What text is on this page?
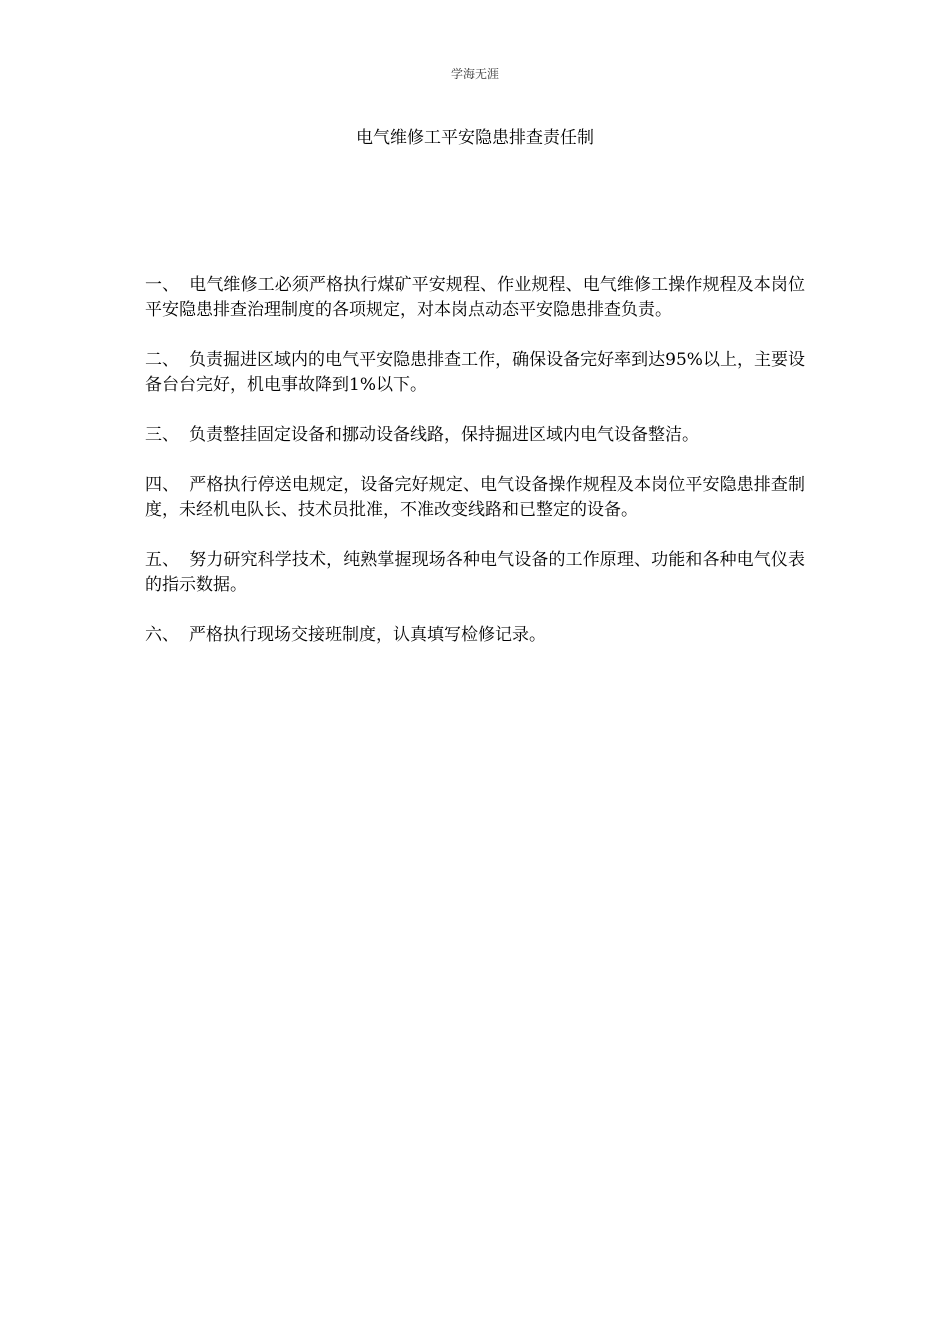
学海无涯
电气维修工平安隐患排查责任制

一、 电气维修工必须严格执行煤矿平安规程、作业规程、电气维修工操作规程及本岗位平安隐患排查治理制度的各项规定，对本岗点动态平安隐患排查负责。

二、 负责掘进区域内的电气平安隐患排查工作，确保设备完好率到达95%以上，主要设备台台完好，机电事故降到1%以下。

三、 负责整挂固定设备和挪动设备线路，保持掘进区域内电气设备整洁。

四、 严格执行停送电规定，设备完好规定、电气设备操作规程及本岗位平安隐患排查制度，未经机电队长、技术员批准，不准改变线路和已整定的设备。

五、 努力研究科学技术，纯熟掌握现场各种电气设备的工作原理、功能和各种电气仪表的指示数据。

六、 严格执行现场交接班制度，认真填写检修记录。
